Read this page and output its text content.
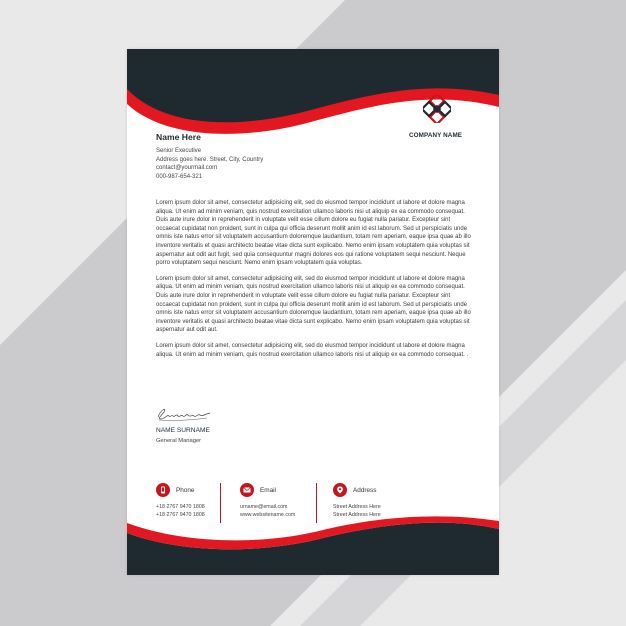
COMPANY NAME
Name Here
Senior Executive
Address goes here. Street, City, Country
contact@yourmail.com
000-987-654-321

Lorem ipsum dolor sit amet, consectetur adipisicing elit, sed do eiusmod tempor incididunt ut labore et dolore magna aliqua. Ut enim ad minim veniam, quis nostrud exercitation ullamco laboris nisi ut aliquip ex ea commodo consequat. Duis aute irure dolor in reprehenderit in voluptate velit esse cillum dolore eu fugiat nulla pariatur. Excepteur sint occaecat cupidatat non proident, sunt in culpa qui officia deserunt mollit anim id est laborum. Sed ut perspiciatis unde omnis iste natus error sit voluptatem accusantium doloremque laudantium, totam rem aperiam, eaque ipsa quae ab illo inventore veritatis et quasi architecto beatae vitae dicta sunt explicabo. Nemo enim ipsam voluptatem quia voluptas sit aspernatur aut odit aut fugit, sed quia consequuntur magni dolores eos qui ratione voluptatem sequi nesciunt. Neque porro voluptatem sequi nesciunt. Nemo enim ipsam voluptatem quia voluptas.

Lorem ipsum dolor sit amet, consectetur adipisicing elit, sed do eiusmod tempor incididunt ut labore et dolore magna aliqua. Ut enim ad minim veniam, quis nostrud exercitation ullamco laboris nisi ut aliquip ex ea commodo consequat. Duis aute irure dolor in reprehenderit in voluptate velit esse cillum dolore eu fugiat nulla pariatur. Excepteur sint occaecat cupidatat non proident, sunt in culpa qui officia deserunt mollit anim id est laborum. Sed ut perspiciatis unde omnis iste natus error sit voluptatem accusantium doloremque laudantium, totam rem aperiam, eaque ipsa quae ab illo inventore veritatis et quasi architecto beatae vitae dicta sunt explicabo. Nemo enim ipsam voluptatem quia voluptas sit aspernatur aut odit aut.

Lorem ipsum dolor sit amet, consectetur adipisicing elit, sed do eiusmod tempor incididunt ut labore et dolore magna aliqua. Ut enim ad minim veniam, quis nostrud exercitation ullamco laboris nisi ut aliquip ex ea commodo consequat. .

NAME SURNAME
General Manager
Phone
+18 2767 9470 1808
+18 2767 9470 1808
Email
urname@email.com
www.websitename.com
Address
Street Address Here
Street Address Here
